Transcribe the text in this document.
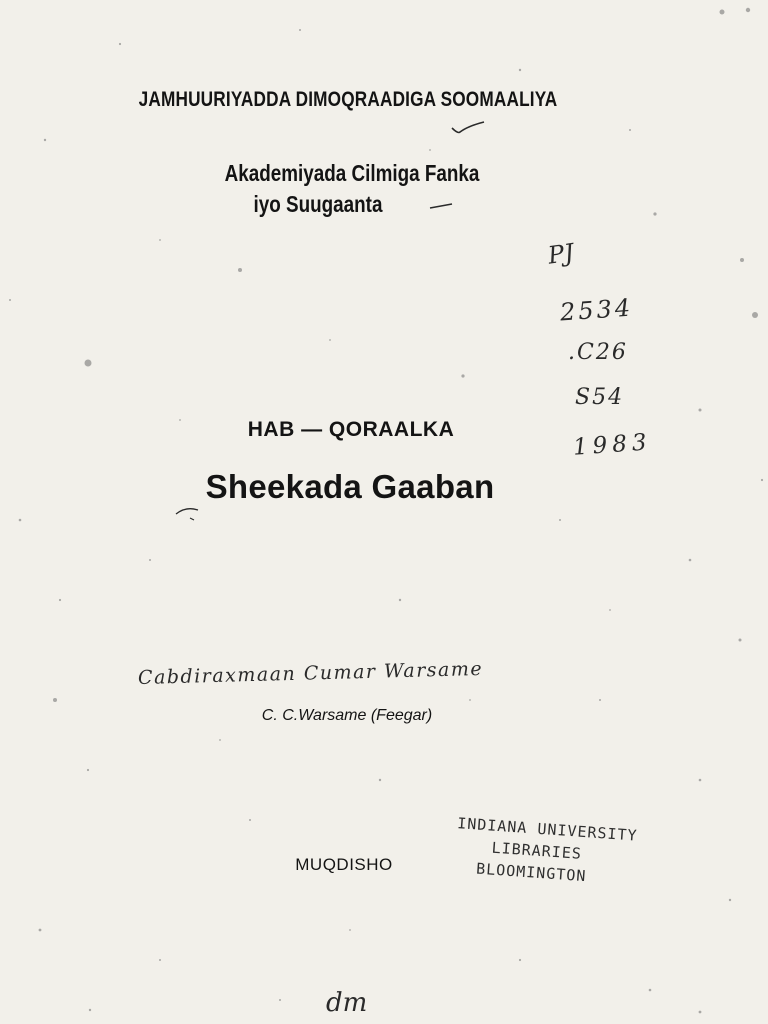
JAMHUURIYADDA DIMOQRAADIGA SOOMAALIYA
Akademiyada Cilmiga Fanka
iyo Suugaanta
PJ
2534
.C26
S54
1983
HAB — QORAALKA
Sheekada Gaaban
Cabdiraxmaan Cumar Warsame
C. C.Warsame (Feegar)
MUQDISHO
INDIANA UNIVERSITY
LIBRARIES
BLOOMINGTON
dm
